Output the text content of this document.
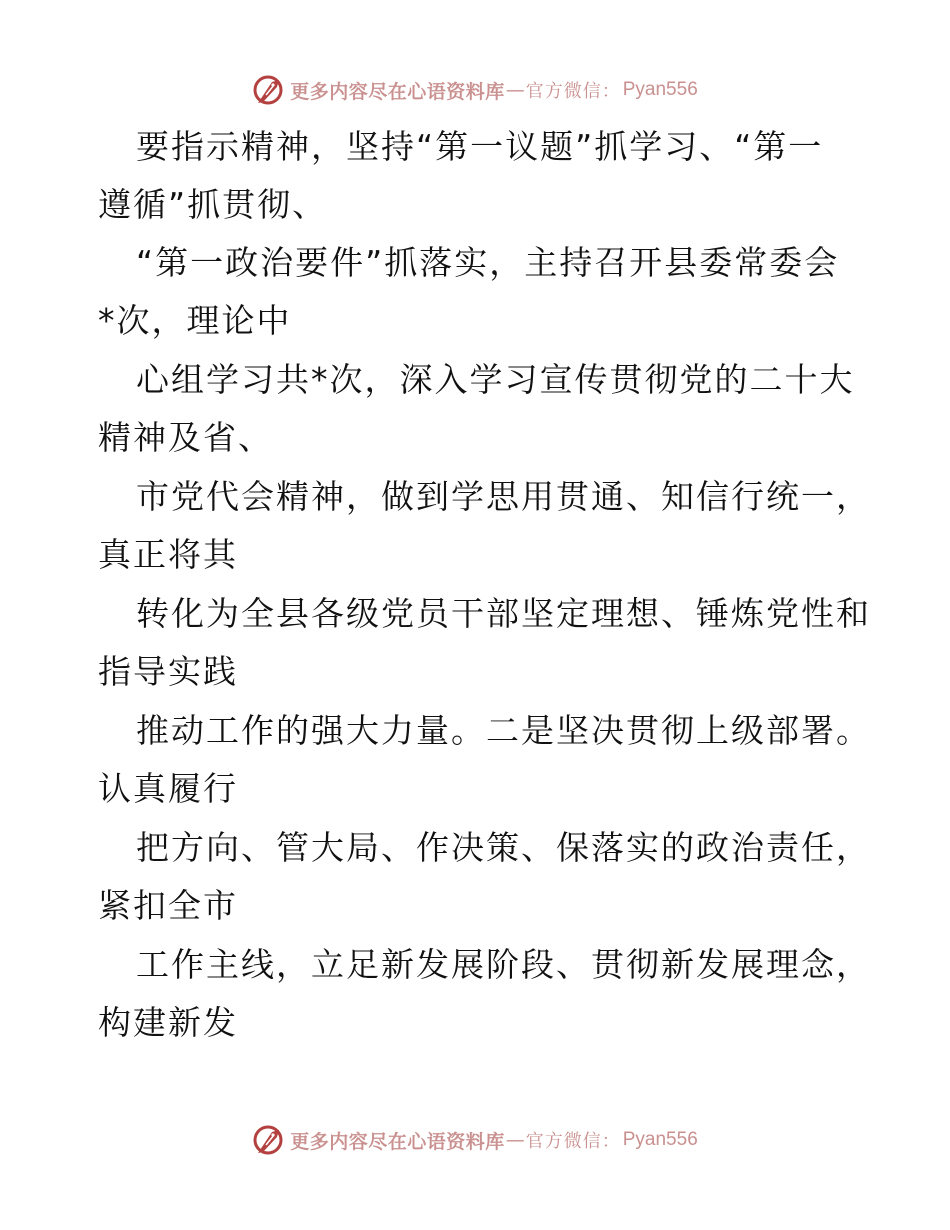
更多内容尽在心语资料库 — 官方微信： Pyan556
要指示精神，坚持“第一议题”抓学习、“第一
遵循”抓贯彻、
“第一政治要件”抓落实，主持召开县委常委会
*次，理论中
心组学习共*次，深入学习宣传贯彻党的二十大
精神及省、
市党代会精神，做到学思用贯通、知信行统一，
真正将其
转化为全县各级党员干部坚定理想、锤炼党性和
指导实践
推动工作的强大力量。二是坚决贯彻上级部署。
认真履行
把方向、管大局、作决策、保落实的政治责任，
紧扣全市
工作主线，立足新发展阶段、贯彻新发展理念，
构建新发
更多内容尽在心语资料库 — 官方微信： Pyan556
